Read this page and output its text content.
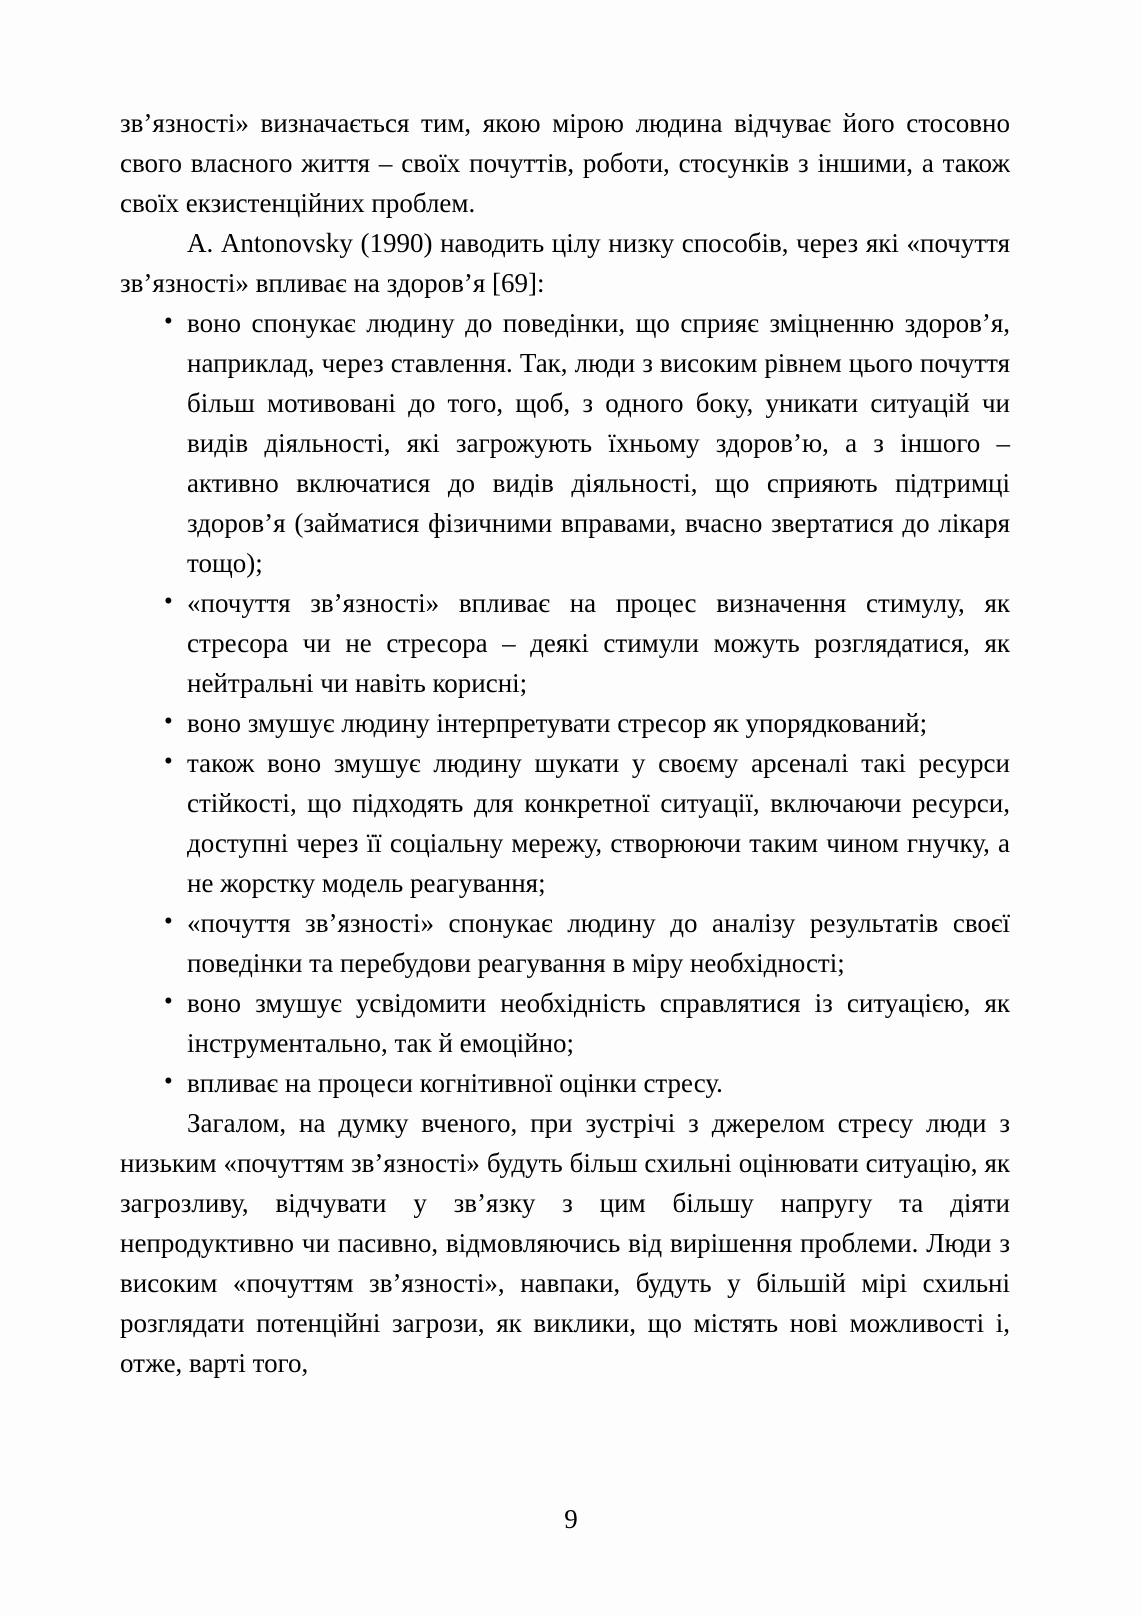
зв’язності» визначається тим, якою мірою людина відчуває його стосовно свого власного життя – своїх почуттів, роботи, стосунків з іншими, а також своїх екзистенційних проблем.

А. Antonovsky (1990) наводить цілу низку способів, через які «почуття зв’язності» впливає на здоров’я [69]:

• воно спонукає людину до поведінки, що сприяє зміцненню здоров’я, наприклад, через ставлення. Так, люди з високим рівнем цього почуття більш мотивовані до того, щоб, з одного боку, уникати ситуацій чи видів діяльності, які загрожують їхньому здоров’ю, а з іншого – активно включатися до видів діяльності, що сприяють підтримці здоров’я (займатися фізичними вправами, вчасно звертатися до лікаря тощо);
• «почуття зв’язності» впливає на процес визначення стимулу, як стресора чи не стресора – деякі стимули можуть розглядатися, як нейтральні чи навіть корисні;
• воно змушує людину інтерпретувати стресор як упорядкований;
• також воно змушує людину шукати у своєму арсеналі такі ресурси стійкості, що підходять для конкретної ситуації, включаючи ресурси, доступні через її соціальну мережу, створюючи таким чином гнучку, а не жорстку модель реагування;
• «почуття зв’язності» спонукає людину до аналізу результатів своєї поведінки та перебудови реагування в міру необхідності;
• воно змушує усвідомити необхідність справлятися із ситуацією, як інструментально, так й емоційно;
• впливає на процеси когнітивної оцінки стресу.

Загалом, на думку вченого, при зустрічі з джерелом стресу люди з низьким «почуттям зв’язності» будуть більш схильні оцінювати ситуацію, як загрозливу, відчувати у зв’язку з цим більшу напругу та діяти непродуктивно чи пасивно, відмовляючись від вирішення проблеми. Люди з високим «почуттям зв’язності», навпаки, будуть у більшій мірі схильні розглядати потенційні загрози, як виклики, що містять нові можливості і, отже, варті того,

9
